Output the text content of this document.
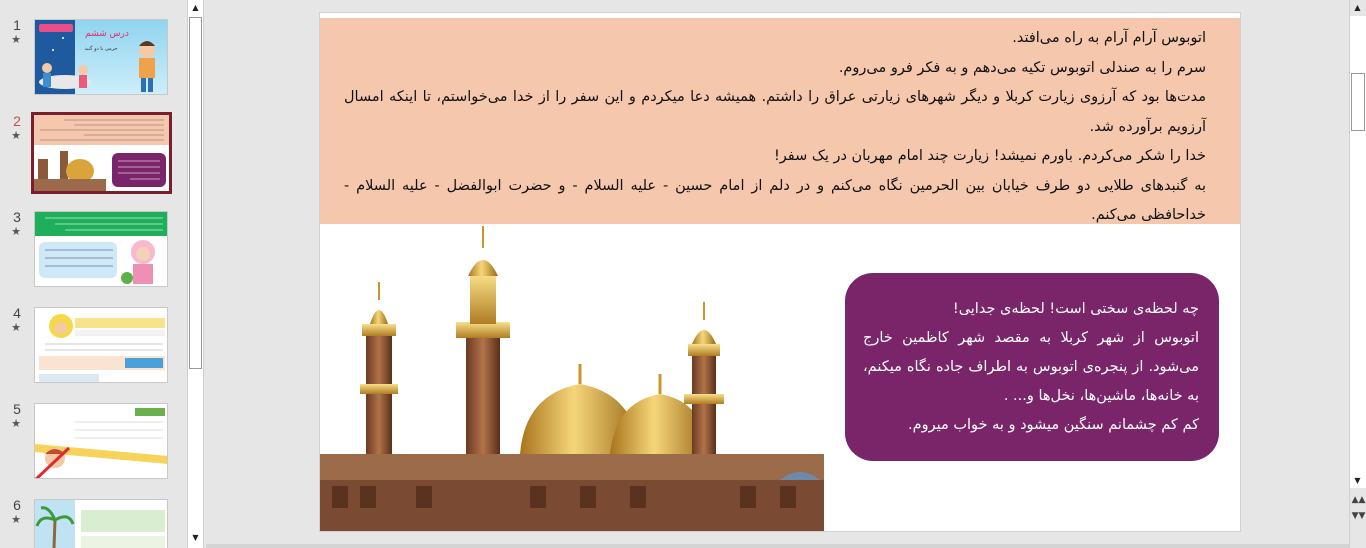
1
★	درس ششم
حرمی با دو گنبد
2
★
3
★
4
★
5
★
6
★
▲
▼

اتوبوس آرام آرام به راه می‌افتد.

سرم را به صندلی اتوبوس تکیه می‌دهم و به فکر فرو می‌روم.

مدت‌ها بود که آرزوی زیارت کربلا و دیگر شهرهای زیارتی عراق را داشتم. همیشه دعا میکردم و این سفر را از خدا می‌خواستم، تا اینکه امسال آرزویم برآورده شد.

خدا را شکر می‌کردم. باورم نمیشد! زیارت چند امام مهربان در یک سفر!

به گنبدهای طلایی دو طرف خیابان بین الحرمین نگاه می‌کنم و در دلم از امام حسین - علیه السلام - و حضرت ابوالفضل - علیه السلام - خداحافظی می‌کنم.

چه لحظه‌ی سختی است! لحظه‌ی جدایی!

اتوبوس از شهر کربلا به مقصد شهر کاظمین خارج می‌شود. از پنجره‌ی اتوبوس به اطراف جاده نگاه میکنم، به خانه‌ها، ماشین‌ها، نخل‌ها و... .

کم کم چشمانم سنگین میشود و به خواب میروم.

▲
▼
▲▲
▼▼
